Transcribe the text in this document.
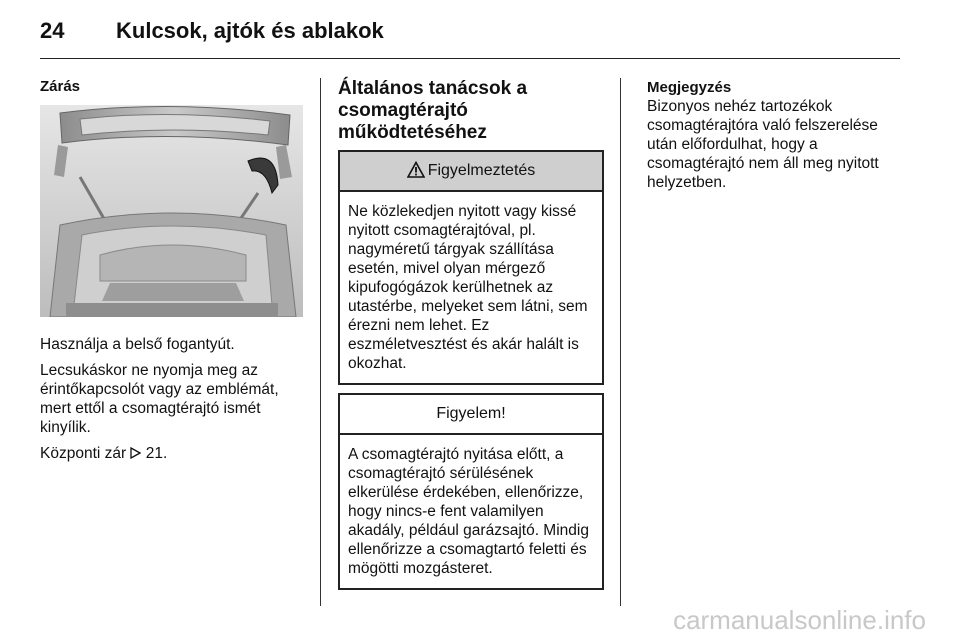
24 Kulcsok, ajtók és ablakok
Zárás

Használja a belső fogantyút.

Lecsukáskor ne nyomja meg az érintőkapcsolót vagy az emblémát, mert ettől a csomagtérajtó ismét kinyílik.

Központi zár 21.

Általános tanácsok a csomagtérajtó működtetéséhez
Figyelmeztetés
Ne közlekedjen nyitott vagy kissé nyitott csomagtérajtóval, pl. nagyméretű tárgyak szállítása esetén, mivel olyan mérgező kipufogógázok kerülhetnek az utastérbe, melyeket sem látni, sem érezni nem lehet. Ez eszméletvesztést és akár halált is okozhat.
Figyelem!
A csomagtérajtó nyitása előtt, a csomagtérajtó sérülésének elkerülése érdekében, ellenőrizze, hogy nincs-e fent valamilyen akadály, például garázsajtó. Mindig ellenőrizze a csomagtartó feletti és mögötti mozgásteret.
Megjegyzés
Bizonyos nehéz tartozékok csomagtérajtóra való felszerelése után előfordulhat, hogy a csomagtérajtó nem áll meg nyitott helyzetben.
carmanualsonline.info
